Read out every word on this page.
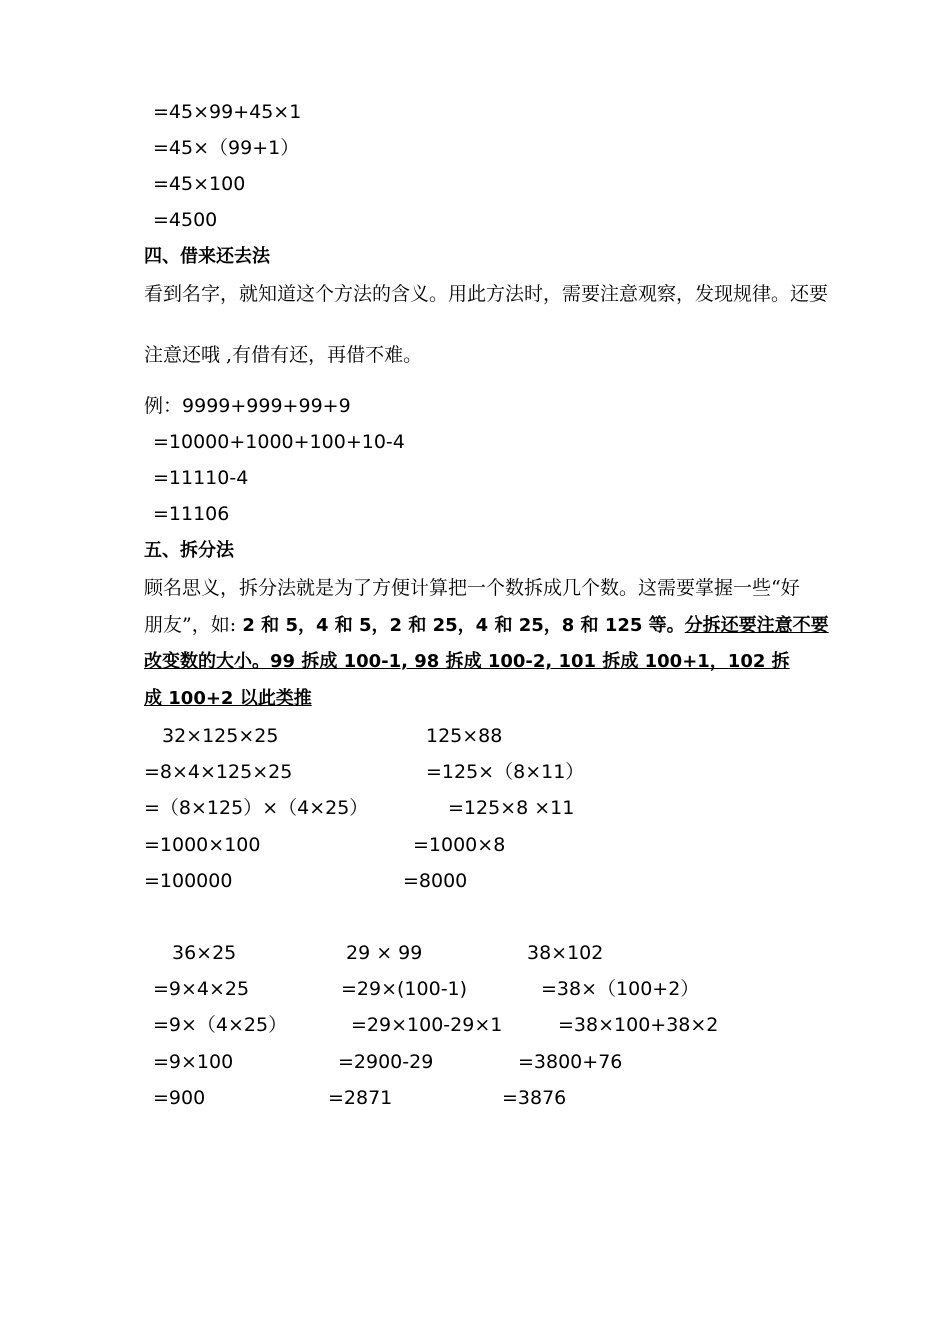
=45×99+45×1
=45×（99+1）
=45×100
=4500
四、借来还去法
看到名字，就知道这个方法的含义。用此方法时，需要注意观察，发现规律。还要
注意还哦 ,有借有还，再借不难。
例：9999+999+99+9
=10000+1000+100+10-4
=11110-4
=11106
五、拆分法
顾名思义，拆分法就是为了方便计算把一个数拆成几个数。这需要掌握一些“好
朋友”，如: 2 和 5，4 和 5，2 和 25，4 和 25，8 和 125 等。分拆还要注意不要
改变数的大小。99 拆成 100-1, 98 拆成 100-2, 101 拆成 100+1，102 拆
成 100+2 以此类推
32×125×25
=8×4×125×25
=（8×125）×（4×25）
=1000×100
=100000
125×88
=125×（8×11）
=125×8 ×11
=1000×8
=8000
36×25
=9×4×25
=9×（4×25）
=9×100
=900
29 × 99
=29×(100-1)
=29×100-29×1
=2900-29
=2871
38×102
=38×（100+2）
=38×100+38×2
=3800+76
=3876
